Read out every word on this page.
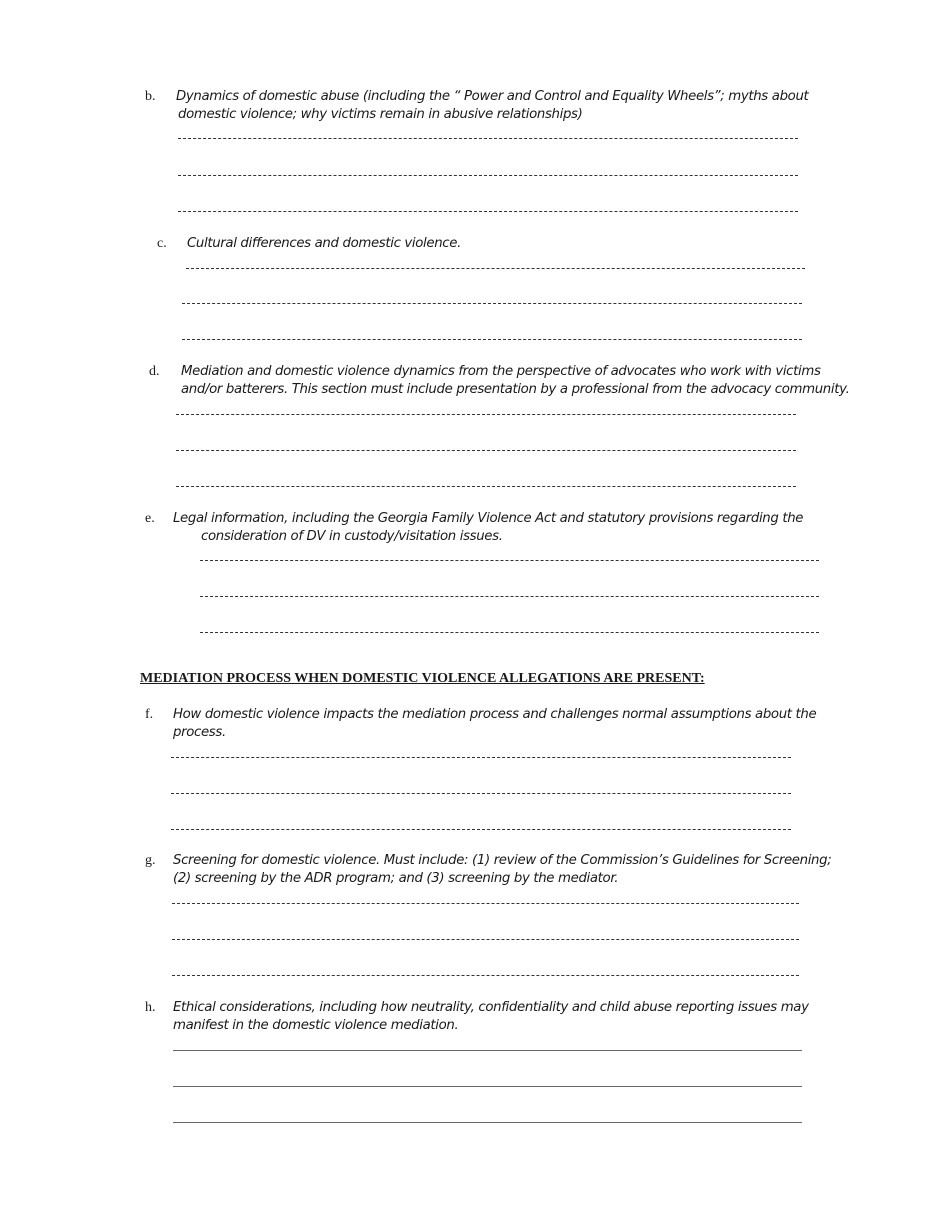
b. Dynamics of domestic abuse (including the “ Power and Control and Equality Wheels”; myths about
domestic violence; why victims remain in abusive relationships)
c. Cultural differences and domestic violence.
d. Mediation and domestic violence dynamics from the perspective of advocates who work with victims
and/or batterers. This section must include presentation by a professional from the advocacy community.
e. Legal information, including the Georgia Family Violence Act and statutory provisions regarding the
consideration of DV in custody/visitation issues.
MEDIATION PROCESS WHEN DOMESTIC VIOLENCE ALLEGATIONS ARE PRESENT:
f. How domestic violence impacts the mediation process and challenges normal assumptions about the
process.
g. Screening for domestic violence. Must include: (1) review of the Commission’s Guidelines for Screening;
(2) screening by the ADR program; and (3) screening by the mediator.
h. Ethical considerations, including how neutrality, confidentiality and child abuse reporting issues may
manifest in the domestic violence mediation.
